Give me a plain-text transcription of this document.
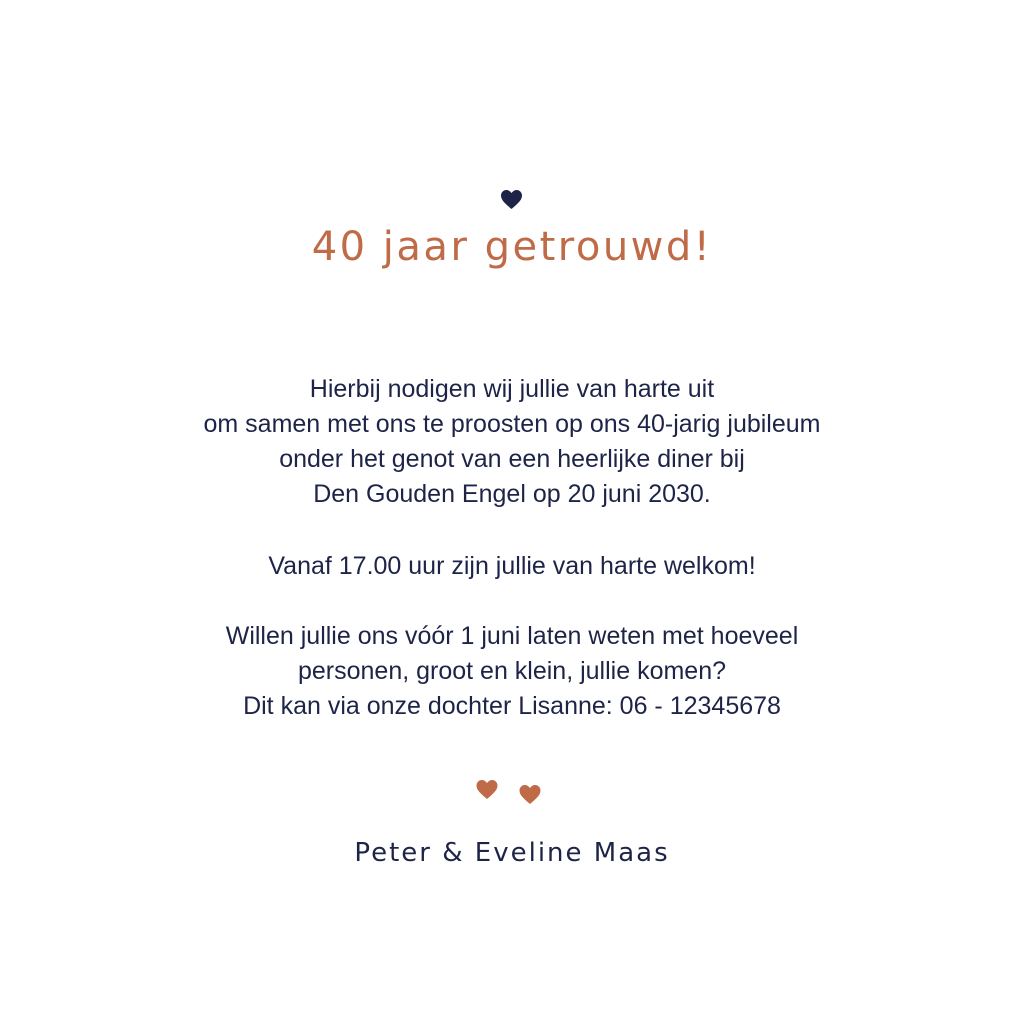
40 jaar getrouwd!
Hierbij nodigen wij jullie van harte uit
om samen met ons te proosten op ons 40-jarig jubileum
onder het genot van een heerlijke diner bij
Den Gouden Engel op 20 juni 2030.
Vanaf 17.00 uur zijn jullie van harte welkom!
Willen jullie ons vóór 1 juni laten weten met hoeveel
personen, groot en klein, jullie komen?
Dit kan via onze dochter Lisanne: 06 - 12345678
Peter & Eveline Maas
